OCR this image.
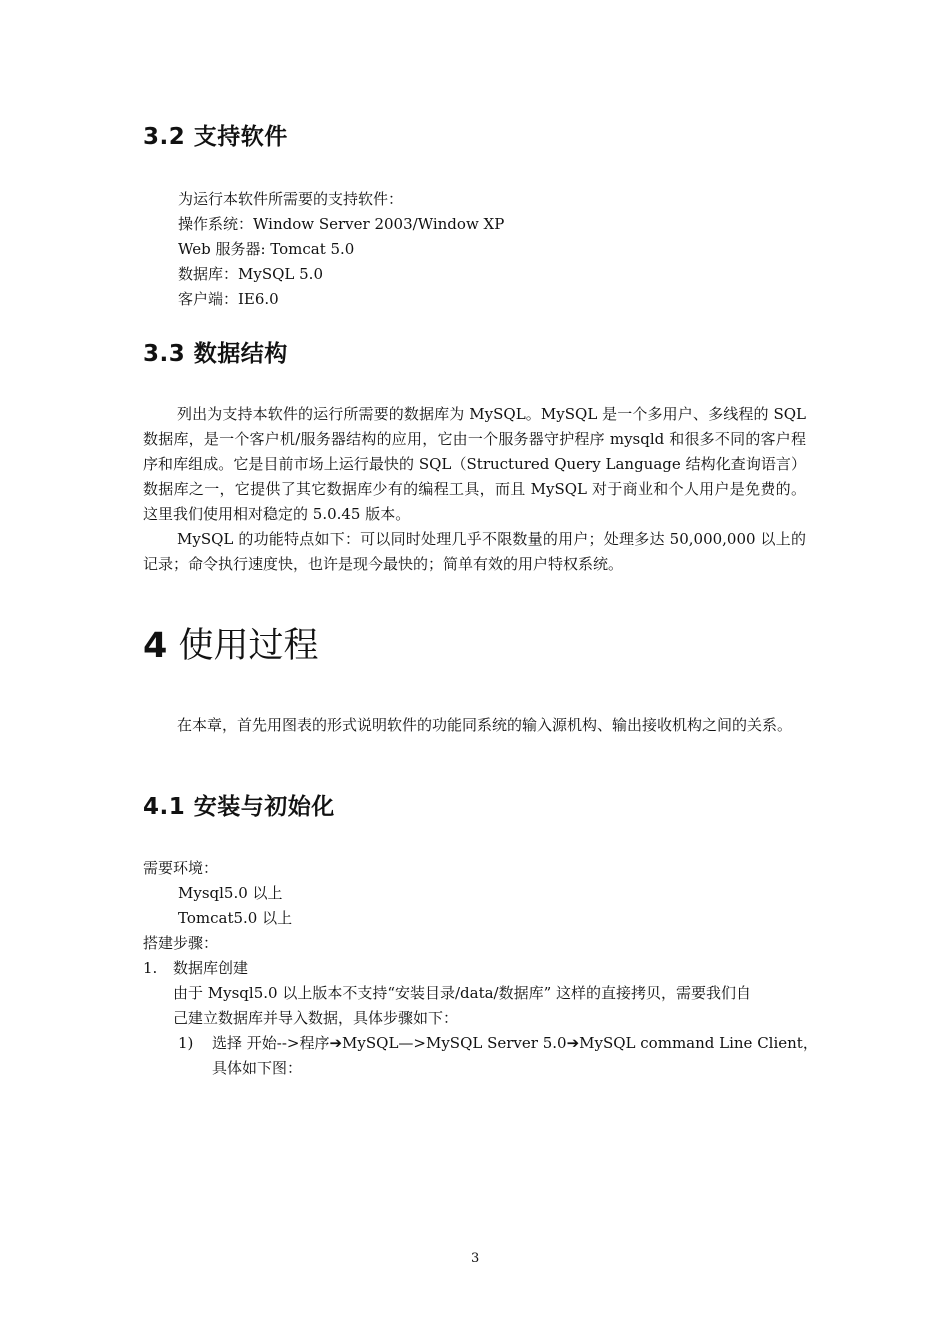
3.2 支持软件
为运行本软件所需要的支持软件：
操作系统：Window Server 2003/Window XP
Web 服务器: Tomcat 5.0
数据库：MySQL 5.0
客户端：IE6.0
3.3 数据结构
列出为支持本软件的运行所需要的数据库为 MySQL。MySQL 是一个多用户、多线程的 SQL 数据库，是一个客户机/服务器结构的应用，它由一个服务器守护程序 mysqld 和很多不同的客户程序和库组成。它是目前市场上运行最快的 SQL（Structured Query Language 结构化查询语言）数据库之一，它提供了其它数据库少有的编程工具，而且 MySQL 对于商业和个人用户是免费的。这里我们使用相对稳定的 5.0.45 版本。
MySQL 的功能特点如下：可以同时处理几乎不限数量的用户；处理多达 50,000,000 以上的记录；命令执行速度快，也许是现今最快的；简单有效的用户特权系统。
4 使用过程
在本章，首先用图表的形式说明软件的功能同系统的输入源机构、输出接收机构之间的关系。
4.1 安装与初始化
需要环境：
Mysql5.0 以上
Tomcat5.0 以上
搭建步骤：
1. 数据库创建
由于 Mysql5.0 以上版本不支持“安装目录/data/数据库” 这样的直接拷贝，需要我们自
己建立数据库并导入数据，具体步骤如下：
1) 选择 开始-->程序➔MySQL—>MySQL Server 5.0➔MySQL command Line Client，
具体如下图：
3
